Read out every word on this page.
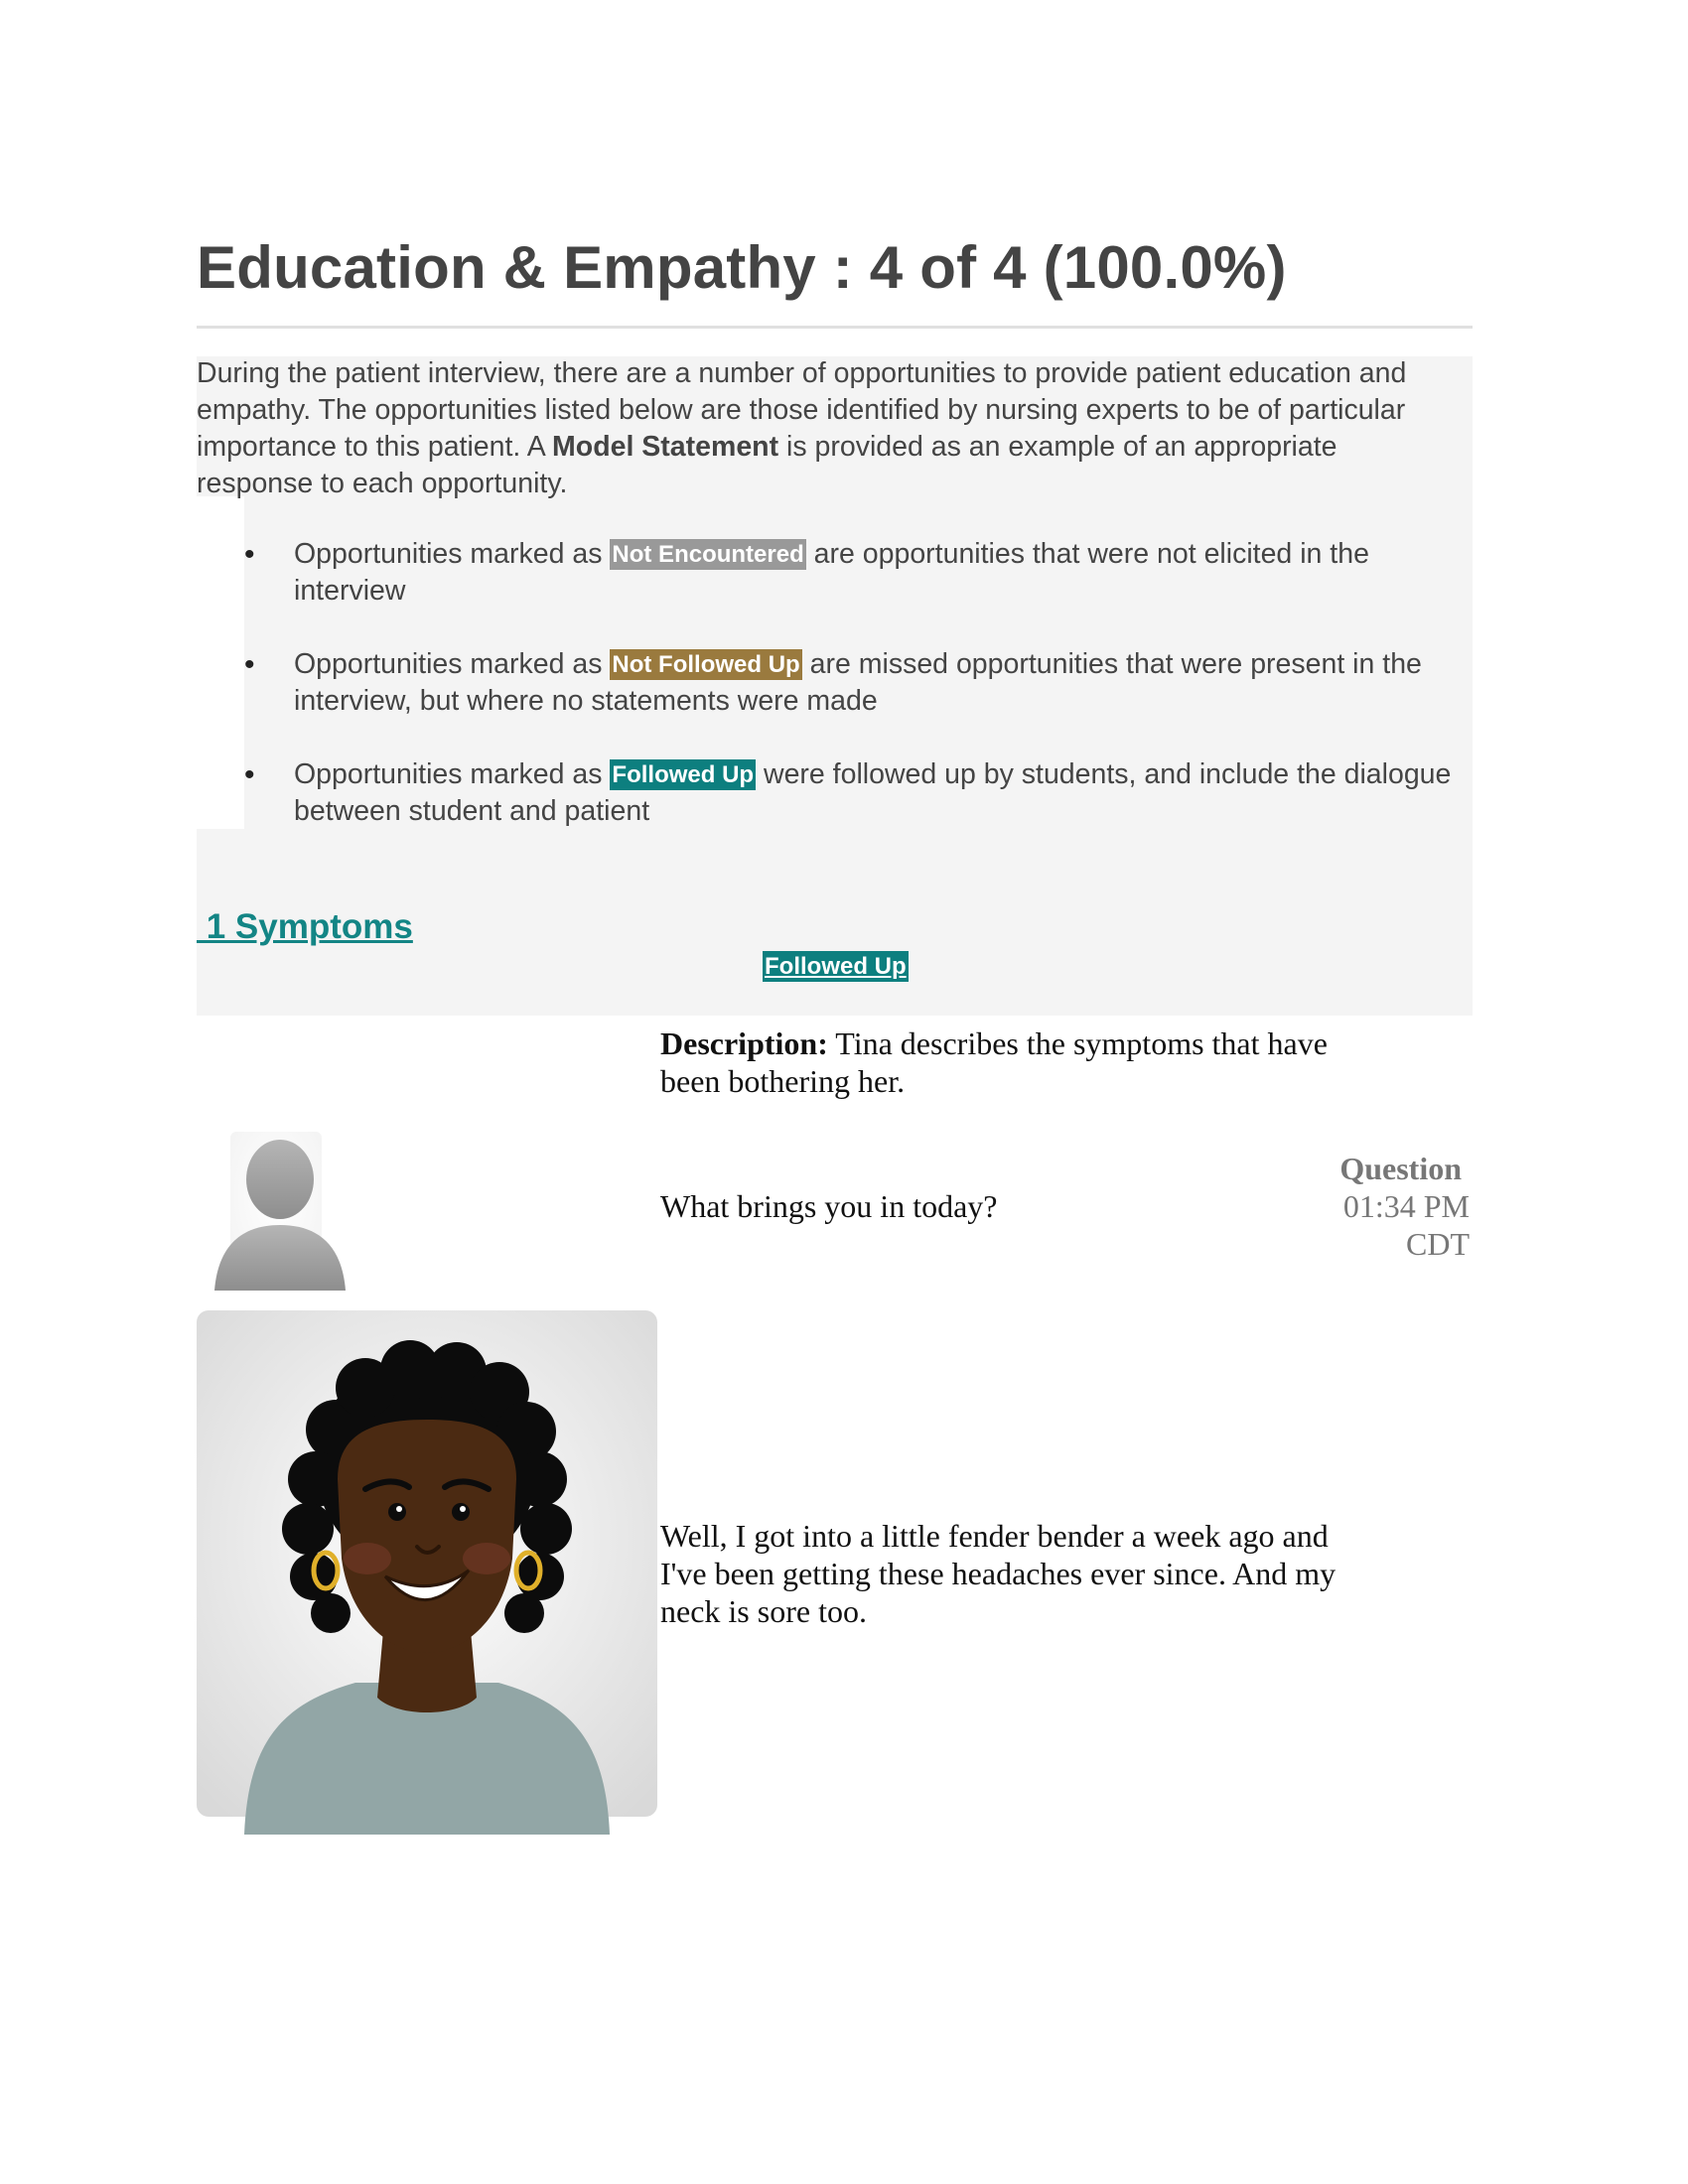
Education & Empathy : 4 of 4 (100.0%)

During the patient interview, there are a number of opportunities to provide patient education and empathy. The opportunities listed below are those identified by nursing experts to be of particular importance to this patient. A Model Statement is provided as an example of an appropriate response to each opportunity.

• Opportunities marked as Not Encountered are opportunities that were not elicited in the interview
• Opportunities marked as Not Followed Up are missed opportunities that were present in the interview, but where no statements were made
• Opportunities marked as Followed Up were followed up by students, and include the dialogue between student and patient
1 Symptoms
Followed Up

Description: Tina describes the symptoms that have been bothering her.

What brings you in today?

Question
01:34 PM
CDT

Well, I got into a little fender bender a week ago and I've been getting these headaches ever since. And my neck is sore too.
